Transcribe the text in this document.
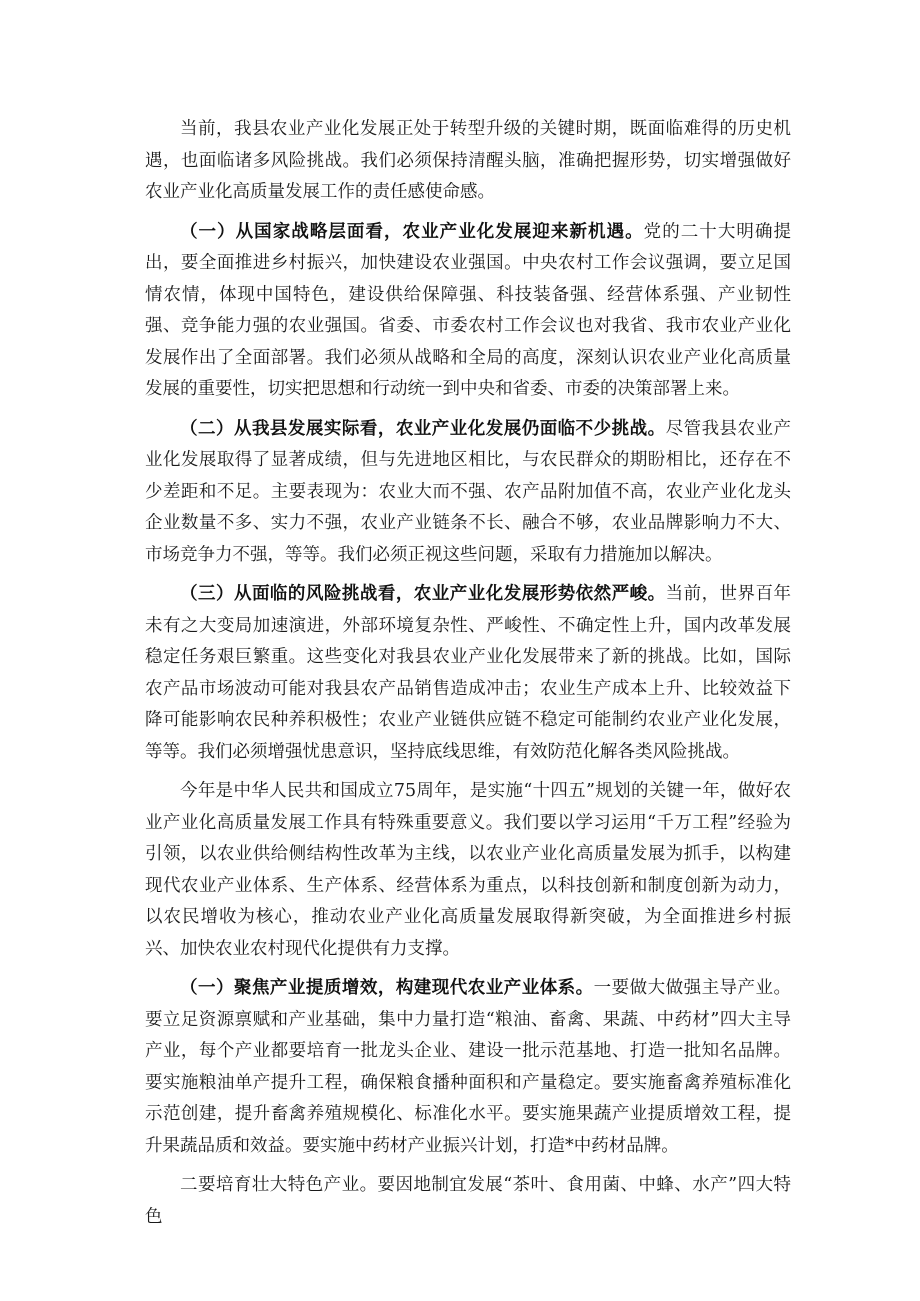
当前，我县农业产业化发展正处于转型升级的关键时期，既面临难得的历史机遇，也面临诸多风险挑战。我们必须保持清醒头脑，准确把握形势，切实增强做好农业产业化高质量发展工作的责任感使命感。

（一）从国家战略层面看，农业产业化发展迎来新机遇。党的二十大明确提出，要全面推进乡村振兴，加快建设农业强国。中央农村工作会议强调，要立足国情农情，体现中国特色，建设供给保障强、科技装备强、经营体系强、产业韧性强、竞争能力强的农业强国。省委、市委农村工作会议也对我省、我市农业产业化发展作出了全面部署。我们必须从战略和全局的高度，深刻认识农业产业化高质量发展的重要性，切实把思想和行动统一到中央和省委、市委的决策部署上来。

（二）从我县发展实际看，农业产业化发展仍面临不少挑战。尽管我县农业产业化发展取得了显著成绩，但与先进地区相比，与农民群众的期盼相比，还存在不少差距和不足。主要表现为：农业大而不强、农产品附加值不高，农业产业化龙头企业数量不多、实力不强，农业产业链条不长、融合不够，农业品牌影响力不大、市场竞争力不强，等等。我们必须正视这些问题，采取有力措施加以解决。

（三）从面临的风险挑战看，农业产业化发展形势依然严峻。当前，世界百年未有之大变局加速演进，外部环境复杂性、严峻性、不确定性上升，国内改革发展稳定任务艰巨繁重。这些变化对我县农业产业化发展带来了新的挑战。比如，国际农产品市场波动可能对我县农产品销售造成冲击；农业生产成本上升、比较效益下降可能影响农民种养积极性；农业产业链供应链不稳定可能制约农业产业化发展，等等。我们必须增强忧患意识，坚持底线思维，有效防范化解各类风险挑战。

今年是中华人民共和国成立75周年，是实施“十四五”规划的关键一年，做好农业产业化高质量发展工作具有特殊重要意义。我们要以学习运用“千万工程”经验为引领，以农业供给侧结构性改革为主线，以农业产业化高质量发展为抓手，以构建现代农业产业体系、生产体系、经营体系为重点，以科技创新和制度创新为动力，以农民增收为核心，推动农业产业化高质量发展取得新突破，为全面推进乡村振兴、加快农业农村现代化提供有力支撑。

（一）聚焦产业提质增效，构建现代农业产业体系。一要做大做强主导产业。要立足资源禀赋和产业基础，集中力量打造“粮油、畜禽、果蔬、中药材”四大主导产业，每个产业都要培育一批龙头企业、建设一批示范基地、打造一批知名品牌。要实施粮油单产提升工程，确保粮食播种面积和产量稳定。要实施畜禽养殖标准化示范创建，提升畜禽养殖规模化、标准化水平。要实施果蔬产业提质增效工程，提升果蔬品质和效益。要实施中药材产业振兴计划，打造*中药材品牌。

二要培育壮大特色产业。要因地制宜发展“茶叶、食用菌、中蜂、水产”四大特色
